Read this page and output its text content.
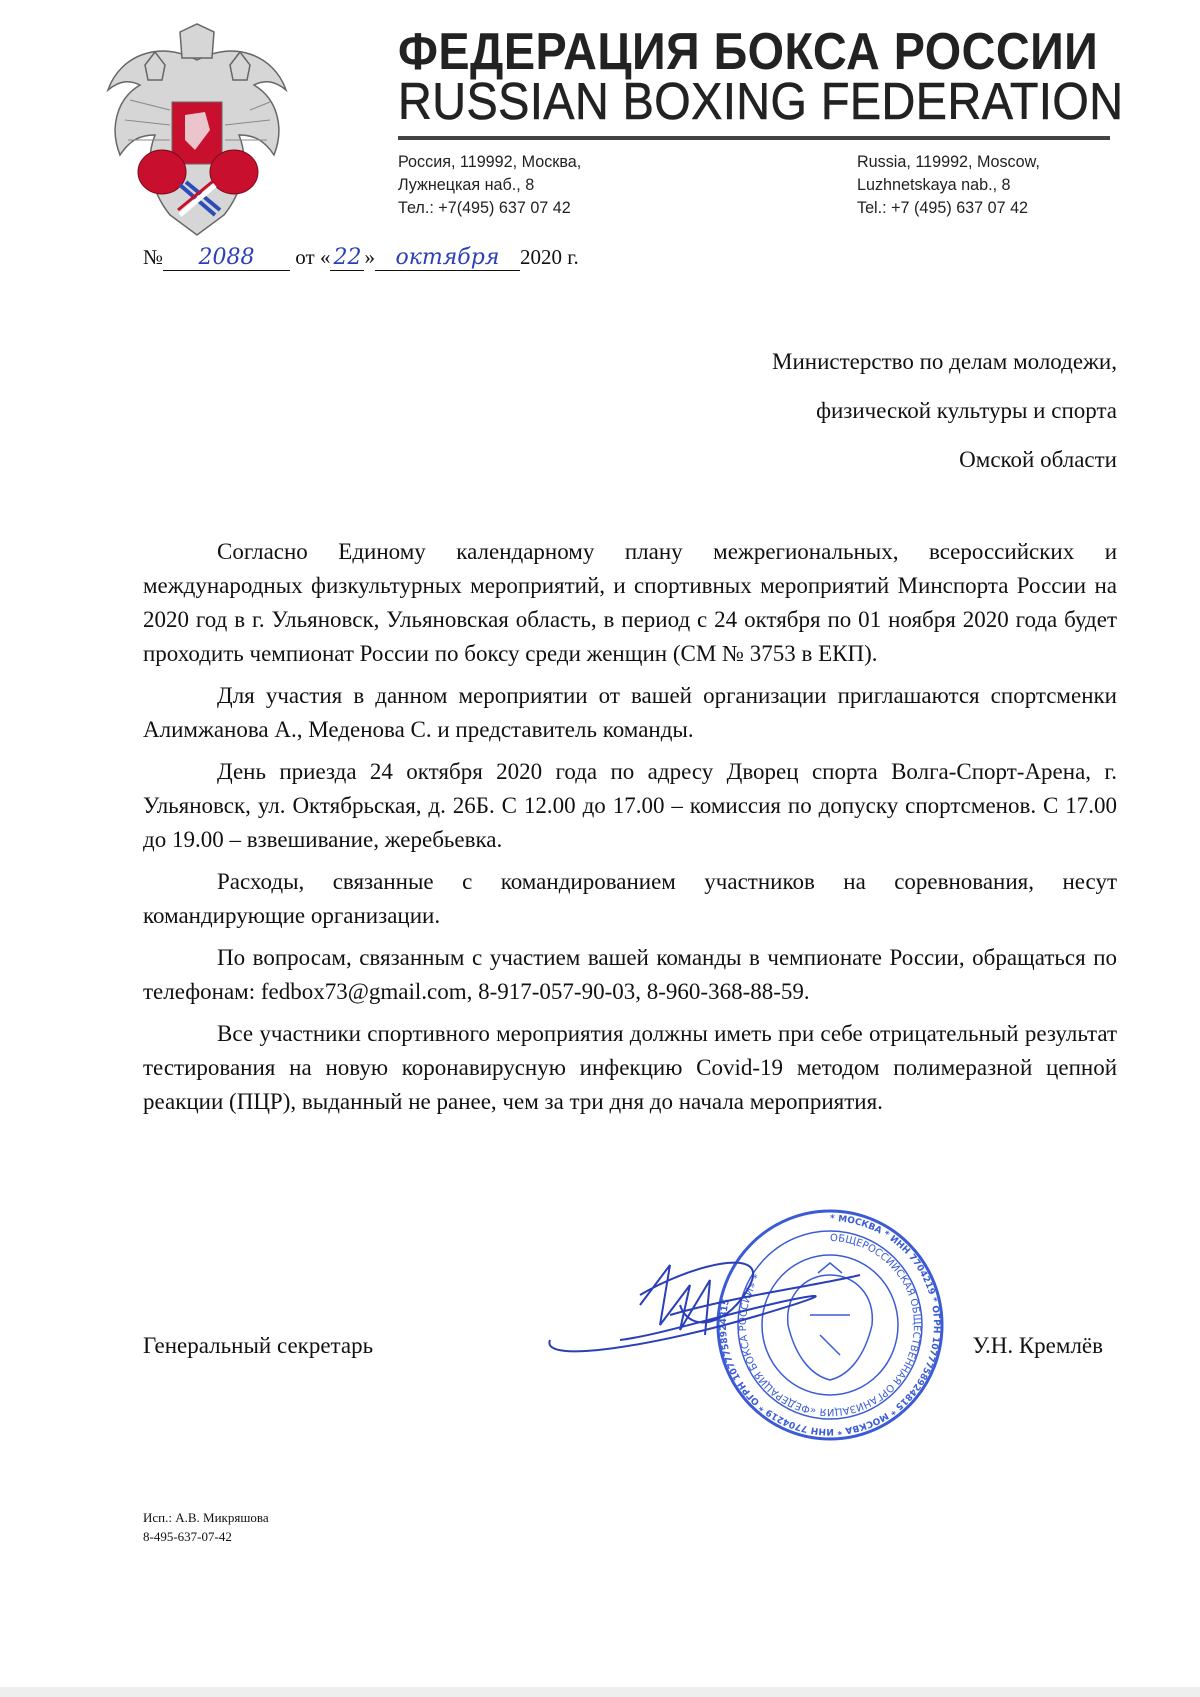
ФЕДЕРАЦИЯ БОКСА РОССИИ
RUSSIAN BOXING FEDERATION
Россия, 119992, Москва,
Лужнецкая наб., 8
Тел.: +7(495) 637 07 42
Russia, 119992, Moscow,
Luzhnetskaya nab., 8
Tel.: +7 (495) 637 07 42
№ 2088 от « 22 » октября 2020 г.
Министерство по делам молодежи,
физической культуры и спорта
Омской области

Согласно Единому календарному плану межрегиональных, всероссийских и международных физкультурных мероприятий, и спортивных мероприятий Минспорта России на 2020 год в г. Ульяновск, Ульяновская область, в период с 24 октября по 01 ноября 2020 года будет проходить чемпионат России по боксу среди женщин (СМ № 3753 в ЕКП).

Для участия в данном мероприятии от вашей организации приглашаются спортсменки Алимжанова А., Меденова С. и представитель команды.

День приезда 24 октября 2020 года по адресу Дворец спорта Волга-Спорт-Арена, г. Ульяновск, ул. Октябрьская, д. 26Б. С 12.00 до 17.00 – комиссия по допуску спортсменов. С 17.00 до 19.00 – взвешивание, жеребьевка.

Расходы, связанные с командированием участников на соревнования, несут командирующие организации.

По вопросам, связанным с участием вашей команды в чемпионате России, обращаться по телефонам: fedbox73@gmail.com, 8-917-057-90-03, 8-960-368-88-59.

Все участники спортивного мероприятия должны иметь при себе отрицательный результат тестирования на новую коронавирусную инфекцию Covid-19 методом полимеразной цепной реакции (ПЦР), выданный не ранее, чем за три дня до начала мероприятия.

Генеральный секретарь	У.Н. Кремлёв
* МОСКВА * ИНН 7704219 * ОГРН 1077758924815 * МОСКВА * ИНН 7704219 * ОГРН 1077758924815
ОБЩЕРОССИЙСКАЯ ОБЩЕСТВЕННАЯ ОРГАНИЗАЦИЯ «ФЕДЕРАЦИЯ БОКСА РОССИИ» *
Исп.: А.В. Микряшова
8-495-637-07-42
